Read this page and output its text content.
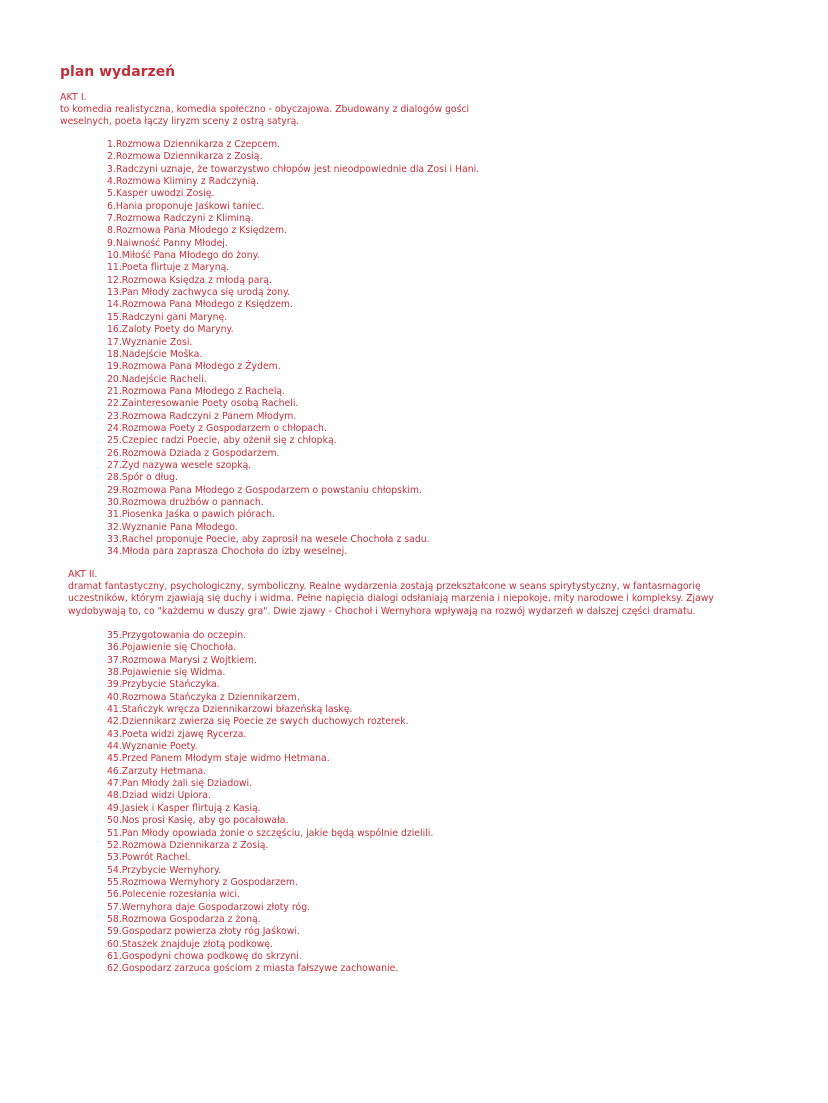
plan wydarzeń
AKT I.
to komedia realistyczna, komedia społeczno - obyczajowa. Zbudowany z dialogów gości weselnych, poeta łączy liryzm sceny z ostrą satyrą.
1.Rozmowa Dziennikarza z Czepcem.
2.Rozmowa Dziennikarza z Zosią.
3.Radczyni uznaje, że towarzystwo chłopów jest nieodpowiednie dla Zosi i Hani.
4.Rozmowa Kliminy z Radczynią.
5.Kasper uwodzi Zosię.
6.Hania proponuje Jaśkowi taniec.
7.Rozmowa Radczyni z Kliminą.
8.Rozmowa Pana Młodego z Księdzem.
9.Naiwność Panny Młodej.
10.Miłość Pana Młodego do żony.
11.Poeta flirtuje z Maryną.
12.Rozmowa Księdza z młodą parą.
13.Pan Młody zachwyca się urodą żony.
14.Rozmowa Pana Młodego z Księdzem.
15.Radczyni gani Marynę.
16.Zaloty Poety do Maryny.
17.Wyznanie Zosi.
18.Nadejście Moška.
19.Rozmowa Pana Młodego z Żydem.
20.Nadejście Racheli.
21.Rozmowa Pana Młodego z Rachelą.
22.Zainteresowanie Poety osobą Racheli.
23.Rozmowa Radczyni z Panem Młodym.
24.Rozmowa Poety z Gospodarzem o chłopach.
25.Czepiec radzi Poecie, aby ożenił się z chłopką.
26.Rozmowa Dziada z Gospodarzem.
27.Żyd nazywa wesele szopką.
28.Spór o dług.
29.Rozmowa Pana Młodego z Gospodarzem o powstaniu chłopskim.
30.Rozmowa drużbów o pannach.
31.Piosenka Jaśka o pawich piórach.
32.Wyznanie Pana Młodego.
33.Rachel proponuje Poecie, aby zaprosił na wesele Chochoła z sadu.
34.Młoda para zaprasza Chochoła do izby weselnej.
AKT II.
dramat fantastyczny, psychologiczny, symboliczny. Realne wydarzenia zostają przekształcone w seans spirytystyczny, w fantasmagorię uczestników, którym zjawiają się duchy i widma. Pełne napięcia dialogi odsłaniają marzenia i niepokoje, mity narodowe i kompleksy. Zjawy wydobywają to, co "każdemu w duszy gra". Dwie zjawy - Chochoł i Wernyhora wpływają na rozwój wydarzeń w dalszej części dramatu.
35.Przygotowania do oczepin.
36.Pojawienie się Chochoła.
37.Rozmowa Marysi z Wojtkiem.
38.Pojawienie się Widma.
39.Przybycie Stańczyka.
40.Rozmowa Stańczyka z Dziennikarzem.
41.Stańczyk wręcza Dziennikarzowi błazeńską laskę.
42.Dziennikarz zwierza się Poecie ze swych duchowych rozterek.
43.Poeta widzi zjawę Rycerza.
44.Wyznanie Poety.
45.Przed Panem Młodym staje widmo Hetmana.
46.Zarzuty Hetmana.
47.Pan Młody żali się Dziadowi.
48.Dziad widzi Upiora.
49.Jasiek i Kasper flirtują z Kasią.
50.Nos prosi Kasię, aby go pocałowała.
51.Pan Młody opowiada żonie o szczęściu, jakie będą wspólnie dzielili.
52.Rozmowa Dziennikarza z Zosią.
53.Powrót Rachel.
54.Przybycie Wernyhory.
55.Rozmowa Wernyhory z Gospodarzem.
56.Polecenie rozesłania wici.
57.Wernyhora daje Gospodarzowi złoty róg.
58.Rozmowa Gospodarza z żoną.
59.Gospodarz powierza złoty róg Jaśkowi.
60.Staszek znajduje złotą podkowę.
61.Gospodyni chowa podkowę do skrzyni.
62.Gospodarz zarzuca gościom z miasta fałszywe zachowanie.
